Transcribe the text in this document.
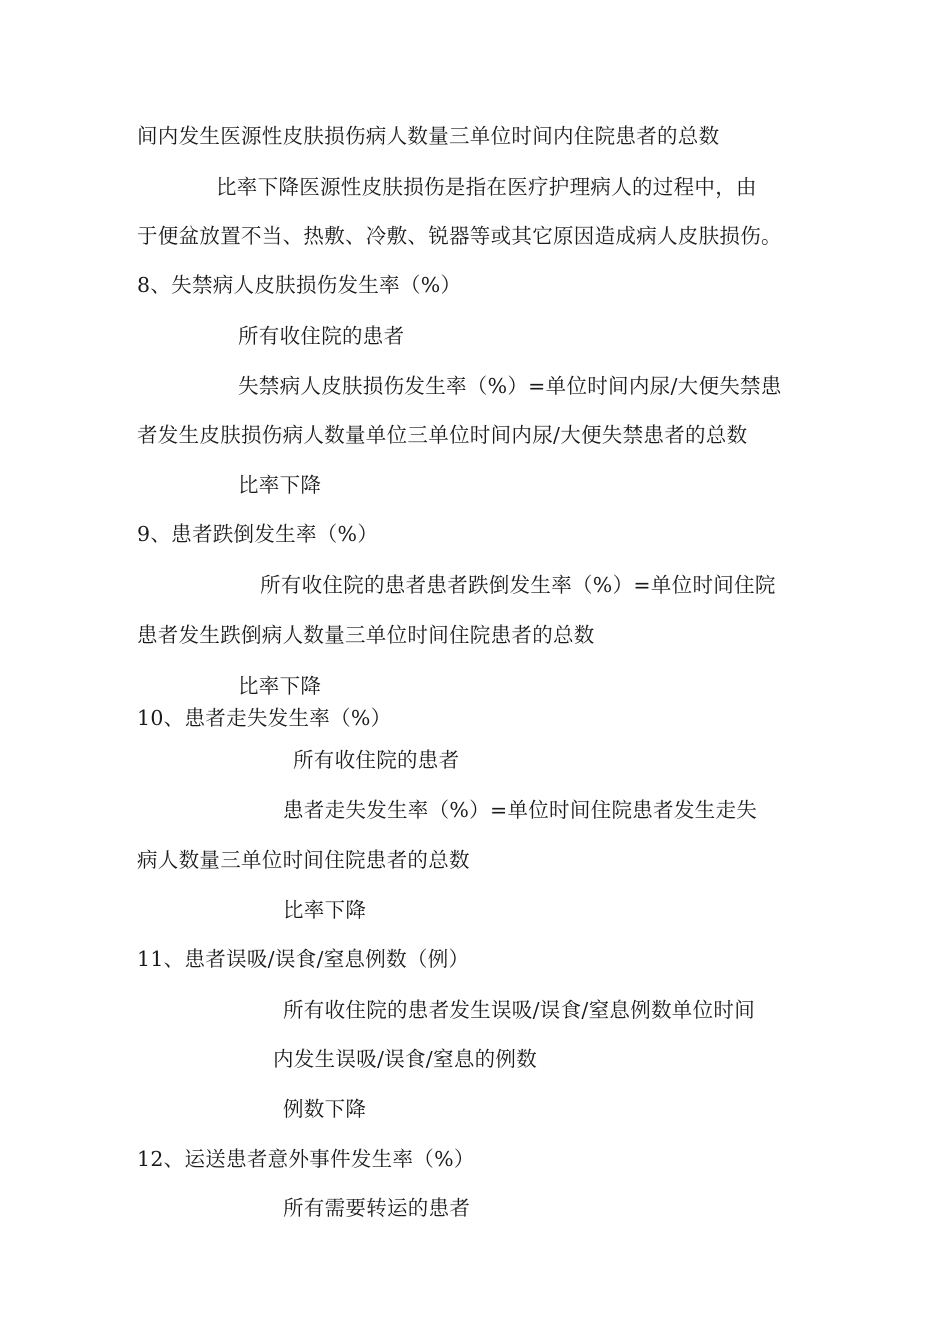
间内发生医源性皮肤损伤病人数量三单位时间内住院患者的总数
比率下降医源性皮肤损伤是指在医疗护理病人的过程中，由
于便盆放置不当、热敷、冷敷、锐器等或其它原因造成病人皮肤损伤。
8、失禁病人皮肤损伤发生率（%）
所有收住院的患者
失禁病人皮肤损伤发生率（%）=单位时间内尿/大便失禁患
者发生皮肤损伤病人数量单位三单位时间内尿/大便失禁患者的总数
比率下降
9、患者跌倒发生率（%）
所有收住院的患者患者跌倒发生率（%）=单位时间住院
患者发生跌倒病人数量三单位时间住院患者的总数
比率下降
10、患者走失发生率（%）
所有收住院的患者
患者走失发生率（%）=单位时间住院患者发生走失
病人数量三单位时间住院患者的总数
比率下降
11、患者误吸/误食/窒息例数（例）
所有收住院的患者发生误吸/误食/窒息例数单位时间
内发生误吸/误食/窒息的例数
例数下降
12、运送患者意外事件发生率（%）
所有需要转运的患者
